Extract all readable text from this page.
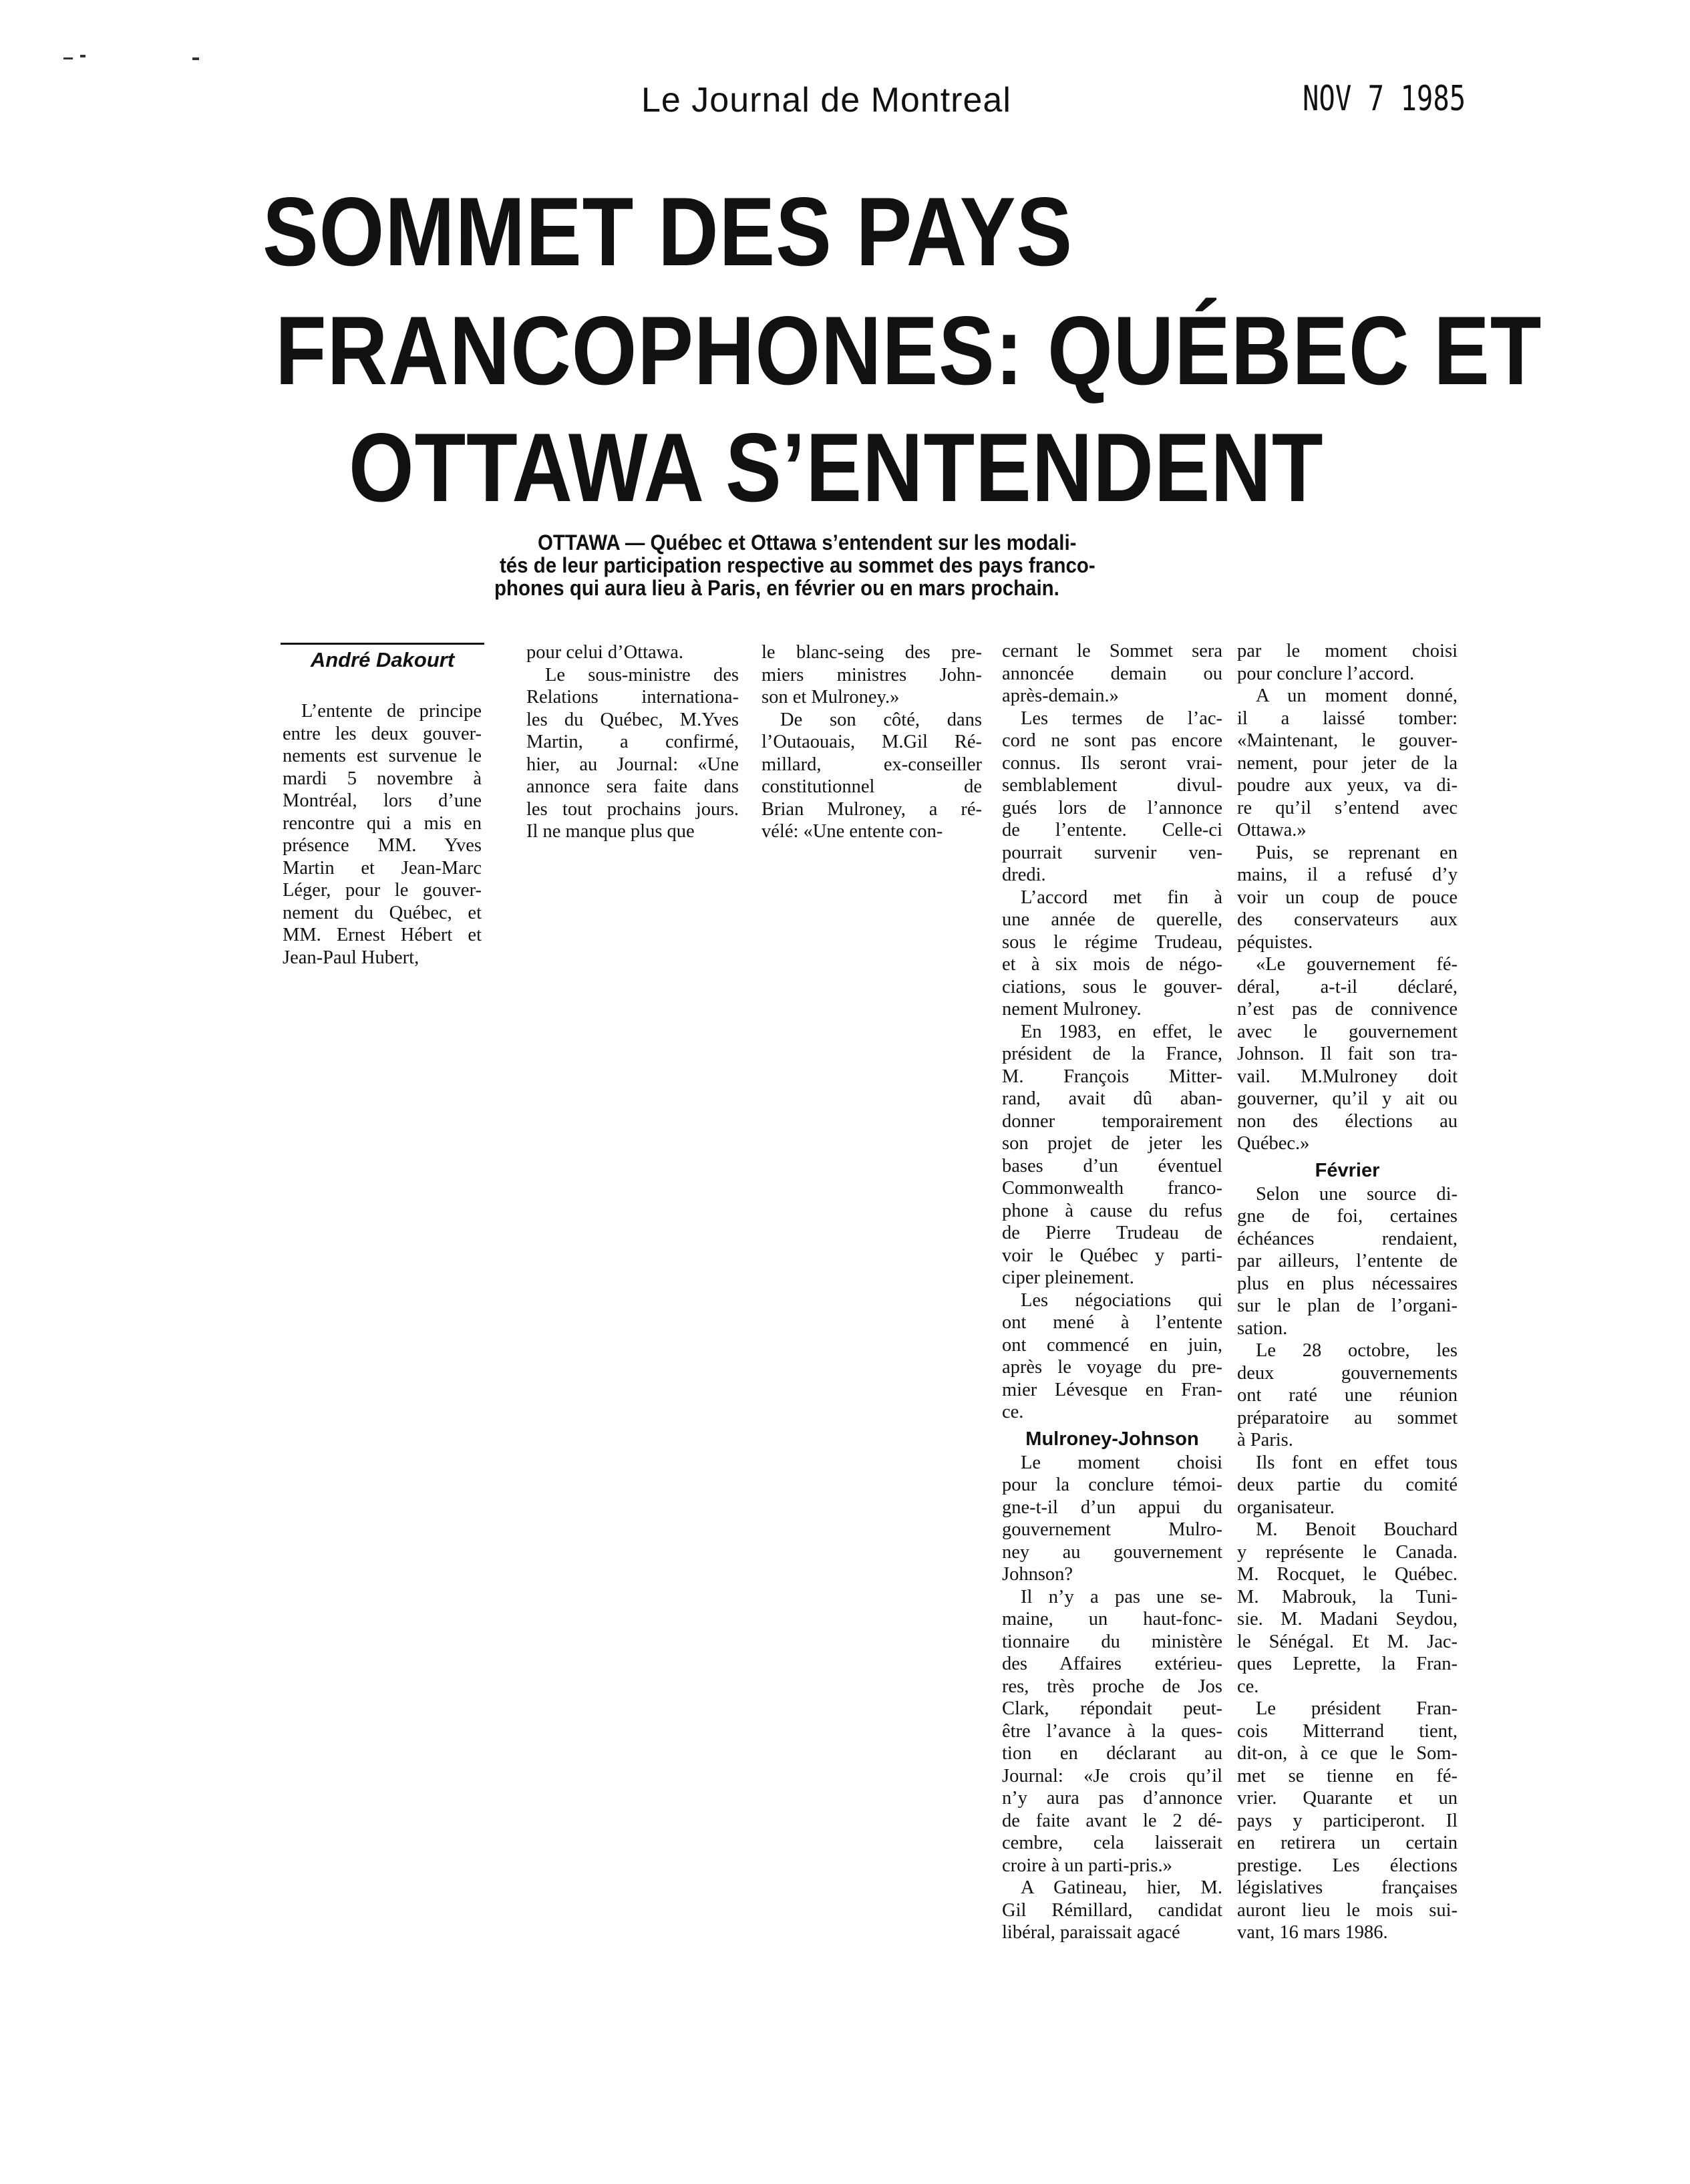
Le Journal de Montreal	NOV 7 1985
SOMMET DES PAYS
FRANCOPHONES: QUÉBEC ET
OTTAWA S’ENTENDENT
OTTAWA — Québec et Ottawa s’entendent sur les modali-
tés de leur participation respective au sommet des pays franco-
phones qui aura lieu à Paris, en février ou en mars prochain.
André Dakourt

L’entente de principe

entre les deux gouver-

nements est survenue le

mardi 5 novembre à

Montréal, lors d’une

rencontre qui a mis en

présence MM. Yves

Martin et Jean-Marc

Léger, pour le gouver-

nement du Québec, et

MM. Ernest Hébert et

Jean-Paul Hubert,

pour celui d’Ottawa.

Le sous-ministre des

Relations internationa-

les du Québec, M.Yves

Martin, a confirmé,

hier, au Journal: «Une

annonce sera faite dans

les tout prochains jours.

Il ne manque plus que

le blanc-seing des pre-

miers ministres John-

son et Mulroney.»

De son côté, dans

l’Outaouais, M.Gil Ré-

millard, ex-conseiller

constitutionnel de

Brian Mulroney, a ré-

vélé: «Une entente con-

cernant le Sommet sera

annoncée demain ou

après-demain.»

Les termes de l’ac-

cord ne sont pas encore

connus. Ils seront vrai-

semblablement divul-

gués lors de l’annonce

de l’entente. Celle-ci

pourrait survenir ven-

dredi.

L’accord met fin à

une année de querelle,

sous le régime Trudeau,

et à six mois de négo-

ciations, sous le gouver-

nement Mulroney.

En 1983, en effet, le

président de la France,

M. François Mitter-

rand, avait dû aban-

donner temporairement

son projet de jeter les

bases d’un éventuel

Commonwealth franco-

phone à cause du refus

de Pierre Trudeau de

voir le Québec y parti-

ciper pleinement.

Les négociations qui

ont mené à l’entente

ont commencé en juin,

après le voyage du pre-

mier Lévesque en Fran-

ce.

Mulroney-Johnson

Le moment choisi

pour la conclure témoi-

gne-t-il d’un appui du

gouvernement Mulro-

ney au gouvernement

Johnson?

Il n’y a pas une se-

maine, un haut-fonc-

tionnaire du ministère

des Affaires extérieu-

res, très proche de Jos

Clark, répondait peut-

être l’avance à la ques-

tion en déclarant au

Journal: «Je crois qu’il

n’y aura pas d’annonce

de faite avant le 2 dé-

cembre, cela laisserait

croire à un parti-pris.»

A Gatineau, hier, M.

Gil Rémillard, candidat

libéral, paraissait agacé

par le moment choisi

pour conclure l’accord.

A un moment donné,

il a laissé tomber:

«Maintenant, le gouver-

nement, pour jeter de la

poudre aux yeux, va di-

re qu’il s’entend avec

Ottawa.»

Puis, se reprenant en

mains, il a refusé d’y

voir un coup de pouce

des conservateurs aux

péquistes.

«Le gouvernement fé-

déral, a-t-il déclaré,

n’est pas de connivence

avec le gouvernement

Johnson. Il fait son tra-

vail. M.Mulroney doit

gouverner, qu’il y ait ou

non des élections au

Québec.»

Février

Selon une source di-

gne de foi, certaines

échéances rendaient,

par ailleurs, l’entente de

plus en plus nécessaires

sur le plan de l’organi-

sation.

Le 28 octobre, les

deux gouvernements

ont raté une réunion

préparatoire au sommet

à Paris.

Ils font en effet tous

deux partie du comité

organisateur.

M. Benoit Bouchard

y représente le Canada.

M. Rocquet, le Québec.

M. Mabrouk, la Tuni-

sie. M. Madani Seydou,

le Sénégal. Et M. Jac-

ques Leprette, la Fran-

ce.

Le président Fran-

cois Mitterrand tient,

dit-on, à ce que le Som-

met se tienne en fé-

vrier. Quarante et un

pays y participeront. Il

en retirera un certain

prestige. Les élections

législatives françaises

auront lieu le mois sui-

vant, 16 mars 1986.
